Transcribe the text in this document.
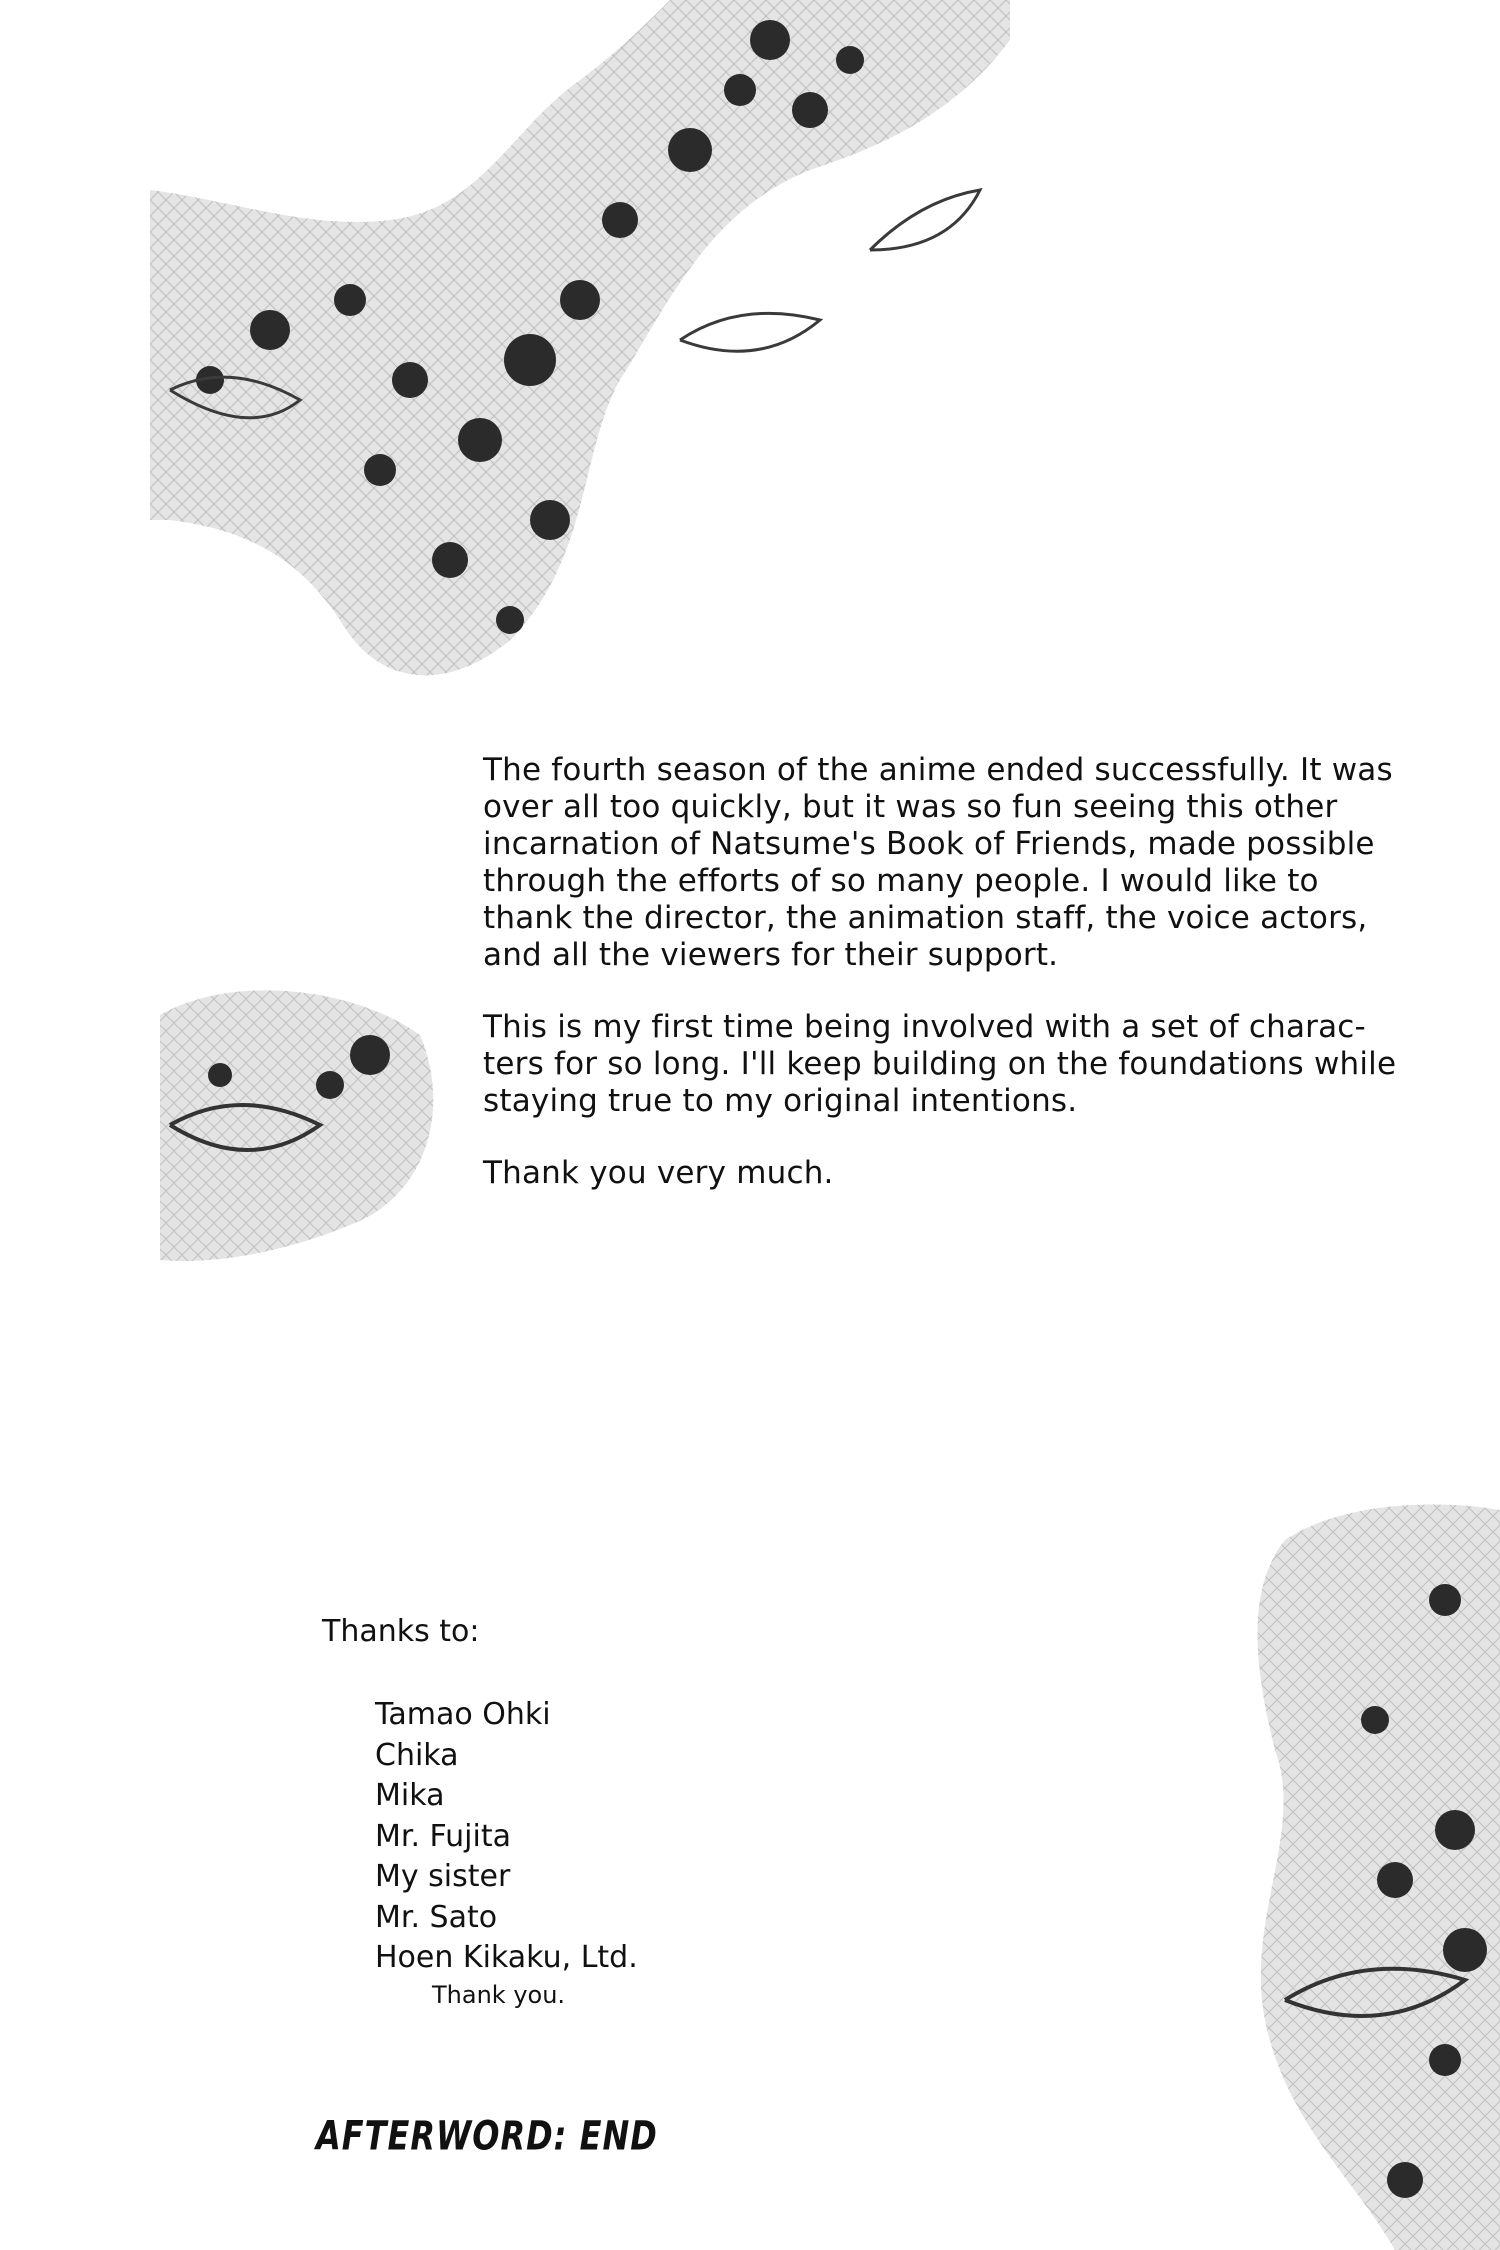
The fourth season of the anime ended successfully. It was
over all too quickly, but it was so fun seeing this other
incarnation of Natsume's Book of Friends, made possible
through the efforts of so many people. I would like to
thank the director, the animation staff, the voice actors,
and all the viewers for their support.

This is my first time being involved with a set of charac-
ters for so long. I'll keep building on the foundations while
staying true to my original intentions.

Thank you very much.

Thanks to:
Tamao Ohki
Chika
Mika
Mr. Fujita
My sister
Mr. Sato
Hoen Kikaku, Ltd.
Thank you.
AFTERWORD: END
